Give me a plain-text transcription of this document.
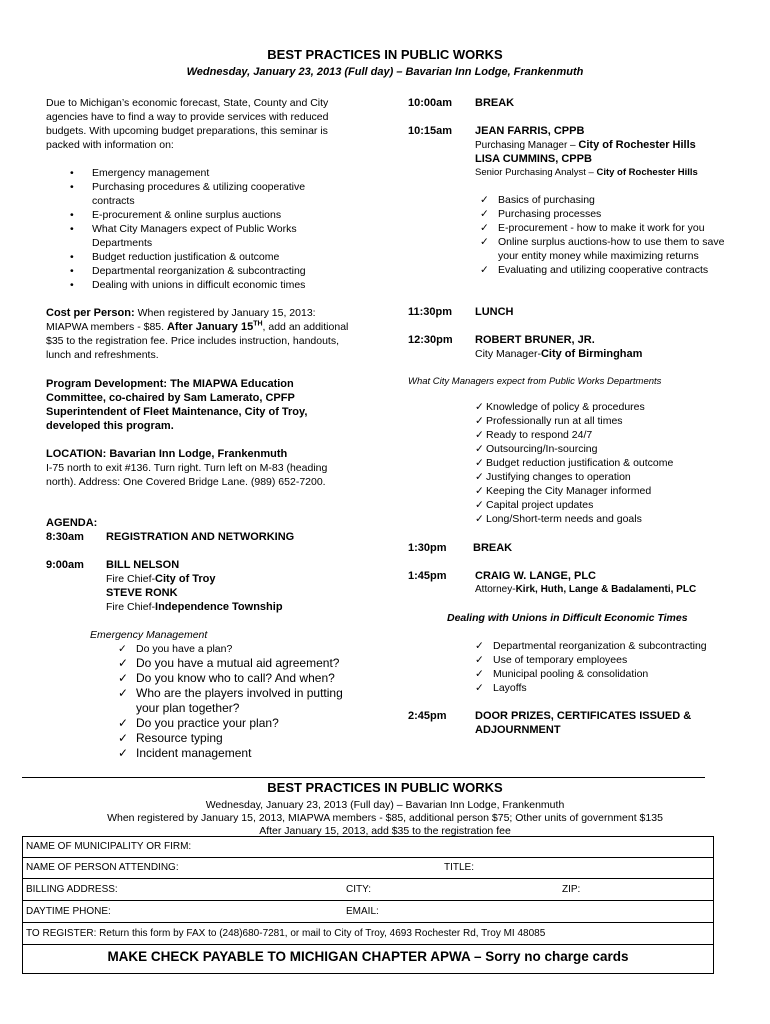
BEST PRACTICES IN PUBLIC WORKS
Wednesday, January 23, 2013 (Full day) – Bavarian Inn Lodge, Frankenmuth
Due to Michigan’s economic forecast, State, County and City agencies have to find a way to provide services with reduced budgets. With upcoming budget preparations, this seminar is packed with information on:
• Emergency management
• Purchasing procedures & utilizing cooperative contracts
• E-procurement & online surplus auctions
• What City Managers expect of Public Works Departments
• Budget reduction justification & outcome
• Departmental reorganization & subcontracting
• Dealing with unions in difficult economic times
Cost per Person: When registered by January 15, 2013: MIAPWA members - $85. After January 15TH, add an additional $35 to the registration fee. Price includes instruction, handouts, lunch and refreshments.
Program Development: The MIAPWA Education Committee, co-chaired by Sam Lamerato, CPFP Superintendent of Fleet Maintenance, City of Troy, developed this program.
LOCATION: Bavarian Inn Lodge, Frankenmuth
I-75 north to exit #136. Turn right. Turn left on M-83 (heading north). Address: One Covered Bridge Lane. (989) 652-7200.
AGENDA:
8:30am REGISTRATION AND NETWORKING
9:00am BILL NELSON
Fire Chief-City of Troy
STEVE RONK
Fire Chief-Independence Township
Emergency Management
✓ Do you have a plan?
✓ Do you have a mutual aid agreement?
✓ Do you know who to call? And when?
✓ Who are the players involved in putting your plan together?
✓ Do you practice your plan?
✓ Resource typing
✓ Incident management
10:00am BREAK
10:15am JEAN FARRIS, CPPB
Purchasing Manager – City of Rochester Hills
LISA CUMMINS, CPPB
Senior Purchasing Analyst – City of Rochester Hills
✓ Basics of purchasing
✓ Purchasing processes
✓ E-procurement - how to make it work for you
✓ Online surplus auctions-how to use them to save your entity money while maximizing returns
✓ Evaluating and utilizing cooperative contracts
11:30pm LUNCH
12:30pm ROBERT BRUNER, JR.
City Manager-City of Birmingham
What City Managers expect from Public Works Departments
✓ Knowledge of policy & procedures
✓ Professionally run at all times
✓ Ready to respond 24/7
✓ Outsourcing/In-sourcing
✓ Budget reduction justification & outcome
✓ Justifying changes to operation
✓ Keeping the City Manager informed
✓ Capital project updates
✓ Long/Short-term needs and goals
1:30pm BREAK
1:45pm	CRAIG W. LANGE, PLC
Attorney-Kirk, Huth, Lange & Badalamenti, PLC
Dealing with Unions in Difficult Economic Times
✓ Departmental reorganization & subcontracting
✓ Use of temporary employees
✓ Municipal pooling & consolidation
✓ Layoffs
2:45pm	DOOR PRIZES, CERTIFICATES ISSUED & ADJOURNMENT
BEST PRACTICES IN PUBLIC WORKS
Wednesday, January 23, 2013 (Full day) – Bavarian Inn Lodge, Frankenmuth
When registered by January 15, 2013, MIAPWA members - $85, additional person $75; Other units of government $135
After January 15, 2013, add $35 to the registration fee
NAME OF MUNICIPALITY OR FIRM:
NAME OF PERSON ATTENDING:	TITLE:
BILLING ADDRESS:	CITY:	ZIP:
DAYTIME PHONE:	EMAIL:
TO REGISTER: Return this form by FAX to (248)680-7281, or mail to City of Troy, 4693 Rochester Rd, Troy MI 48085
MAKE CHECK PAYABLE TO MICHIGAN CHAPTER APWA – Sorry no charge cards
